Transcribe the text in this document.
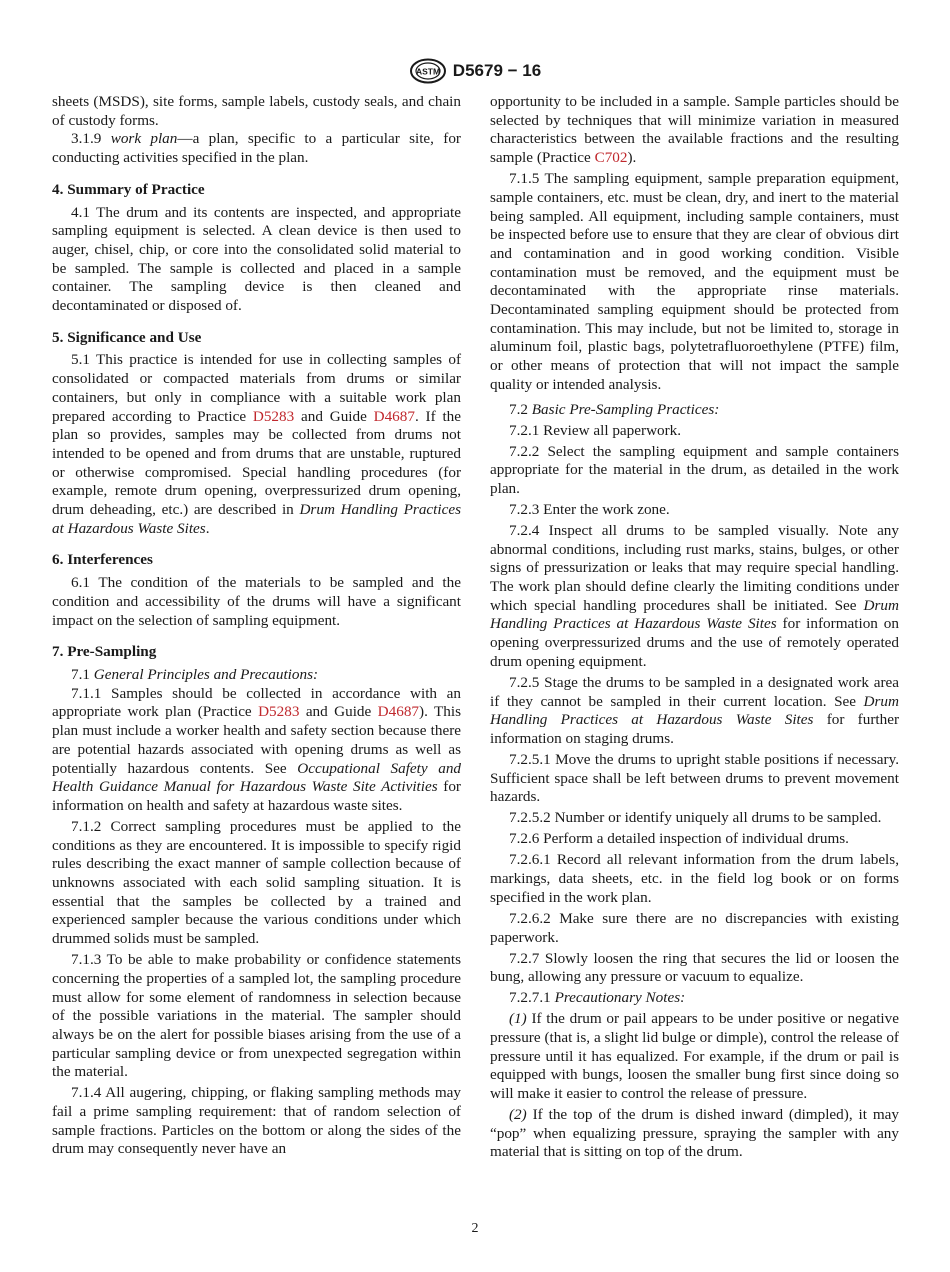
ASTM D5679 − 16

sheets (MSDS), site forms, sample labels, custody seals, and chain of custody forms.

3.1.9 work plan—a plan, specific to a particular site, for conducting activities specified in the plan.

4. Summary of Practice

4.1 The drum and its contents are inspected, and appropriate sampling equipment is selected. A clean device is then used to auger, chisel, chip, or core into the consolidated solid material to be sampled. The sample is collected and placed in a sample container. The sampling device is then cleaned and decontaminated or disposed of.

5. Significance and Use

5.1 This practice is intended for use in collecting samples of consolidated or compacted materials from drums or similar containers, but only in compliance with a suitable work plan prepared according to Practice D5283 and Guide D4687. If the plan so provides, samples may be collected from drums not intended to be opened and from drums that are unstable, ruptured or otherwise compromised. Special handling procedures (for example, remote drum opening, overpressurized drum opening, drum deheading, etc.) are described in Drum Handling Practices at Hazardous Waste Sites.

6. Interferences

6.1 The condition of the materials to be sampled and the condition and accessibility of the drums will have a significant impact on the selection of sampling equipment.

7. Pre-Sampling

7.1 General Principles and Precautions:

7.1.1 Samples should be collected in accordance with an appropriate work plan (Practice D5283 and Guide D4687). This plan must include a worker health and safety section because there are potential hazards associated with opening drums as well as potentially hazardous contents. See Occupational Safety and Health Guidance Manual for Hazardous Waste Site Activities for information on health and safety at hazardous waste sites.

7.1.2 Correct sampling procedures must be applied to the conditions as they are encountered. It is impossible to specify rigid rules describing the exact manner of sample collection because of unknowns associated with each solid sampling situation. It is essential that the samples be collected by a trained and experienced sampler because the various conditions under which drummed solids must be sampled.

7.1.3 To be able to make probability or confidence statements concerning the properties of a sampled lot, the sampling procedure must allow for some element of randomness in selection because of the possible variations in the material. The sampler should always be on the alert for possible biases arising from the use of a particular sampling device or from unexpected segregation within the material.

7.1.4 All augering, chipping, or flaking sampling methods may fail a prime sampling requirement: that of random selection of sample fractions. Particles on the bottom or along the sides of the drum may consequently never have an

opportunity to be included in a sample. Sample particles should be selected by techniques that will minimize variation in measured characteristics between the available fractions and the resulting sample (Practice C702).

7.1.5 The sampling equipment, sample preparation equipment, sample containers, etc. must be clean, dry, and inert to the material being sampled. All equipment, including sample containers, must be inspected before use to ensure that they are clear of obvious dirt and contamination and in good working condition. Visible contamination must be removed, and the equipment must be decontaminated with the appropriate rinse materials. Decontaminated sampling equipment should be protected from contamination. This may include, but not be limited to, storage in aluminum foil, plastic bags, polytetrafluoroethylene (PTFE) film, or other means of protection that will not impact the sample quality or intended analysis.

7.2 Basic Pre-Sampling Practices:

7.2.1 Review all paperwork.

7.2.2 Select the sampling equipment and sample containers appropriate for the material in the drum, as detailed in the work plan.

7.2.3 Enter the work zone.

7.2.4 Inspect all drums to be sampled visually. Note any abnormal conditions, including rust marks, stains, bulges, or other signs of pressurization or leaks that may require special handling. The work plan should define clearly the limiting conditions under which special handling procedures shall be initiated. See Drum Handling Practices at Hazardous Waste Sites for information on opening overpressurized drums and the use of remotely operated drum opening equipment.

7.2.5 Stage the drums to be sampled in a designated work area if they cannot be sampled in their current location. See Drum Handling Practices at Hazardous Waste Sites for further information on staging drums.

7.2.5.1 Move the drums to upright stable positions if necessary. Sufficient space shall be left between drums to prevent movement hazards.

7.2.5.2 Number or identify uniquely all drums to be sampled.

7.2.6 Perform a detailed inspection of individual drums.

7.2.6.1 Record all relevant information from the drum labels, markings, data sheets, etc. in the field log book or on forms specified in the work plan.

7.2.6.2 Make sure there are no discrepancies with existing paperwork.

7.2.7 Slowly loosen the ring that secures the lid or loosen the bung, allowing any pressure or vacuum to equalize.

7.2.7.1 Precautionary Notes:

(1) If the drum or pail appears to be under positive or negative pressure (that is, a slight lid bulge or dimple), control the release of pressure until it has equalized. For example, if the drum or pail is equipped with bungs, loosen the smaller bung first since doing so will make it easier to control the release of pressure.

(2) If the top of the drum is dished inward (dimpled), it may “pop” when equalizing pressure, spraying the sampler with any material that is sitting on top of the drum.

2
